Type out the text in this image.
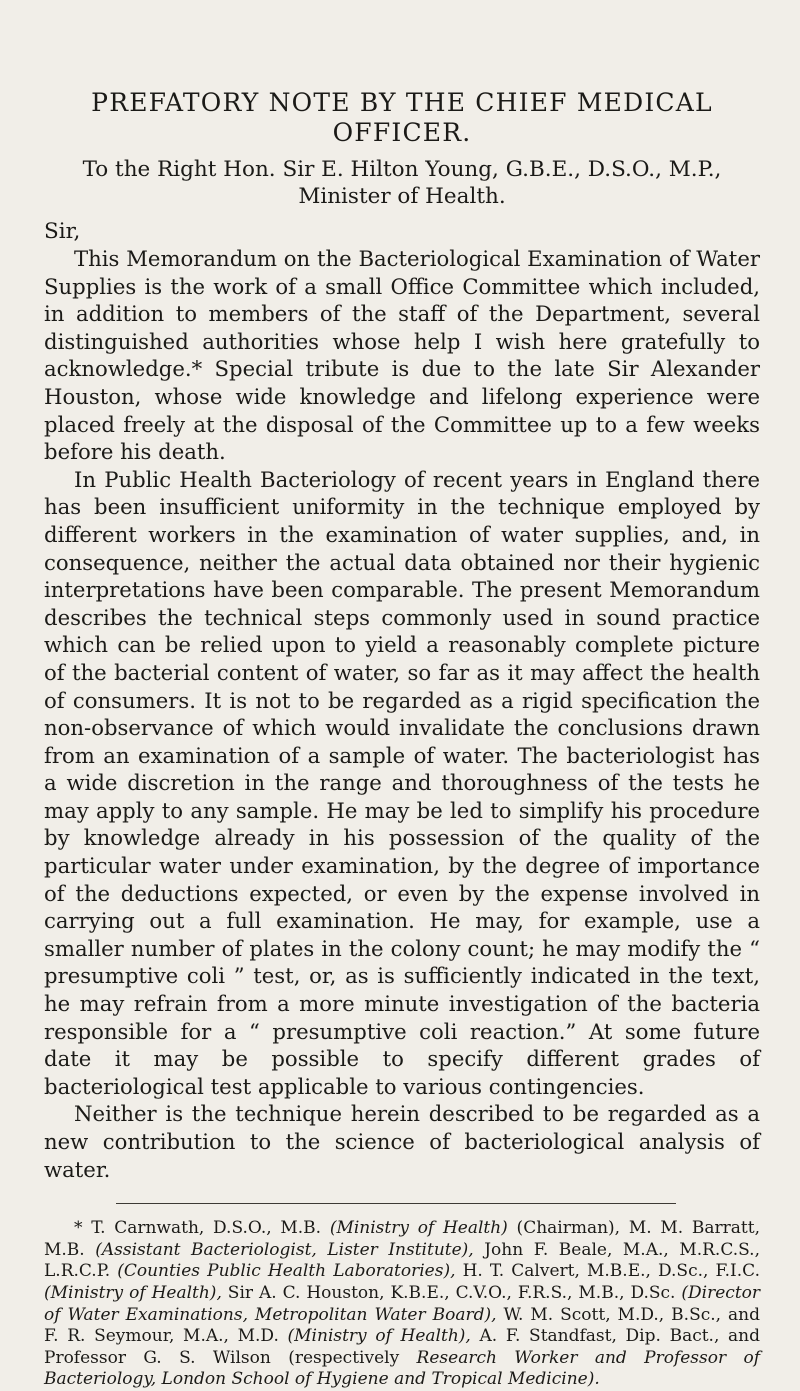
PREFATORY NOTE BY THE CHIEF MEDICAL
OFFICER.

To the Right Hon. Sir E. Hilton Young, G.B.E., D.S.O., M.P.,
Minister of Health.

Sir,

This Memorandum on the Bacteriological Examination of Water Supplies is the work of a small Office Committee which included, in addition to members of the staff of the Department, several distinguished authorities whose help I wish here gratefully to acknowledge.* Special tribute is due to the late Sir Alexander Houston, whose wide knowledge and lifelong experience were placed freely at the disposal of the Committee up to a few weeks before his death.

In Public Health Bacteriology of recent years in England there has been insufficient uniformity in the technique employed by different workers in the examination of water supplies, and, in consequence, neither the actual data obtained nor their hygienic interpretations have been comparable. The present Memorandum describes the technical steps commonly used in sound practice which can be relied upon to yield a reasonably complete picture of the bacterial content of water, so far as it may affect the health of consumers. It is not to be regarded as a rigid specification the non-observance of which would invalidate the conclusions drawn from an examination of a sample of water. The bacteriologist has a wide discretion in the range and thoroughness of the tests he may apply to any sample. He may be led to simplify his procedure by knowledge already in his possession of the quality of the particular water under examination, by the degree of importance of the deductions expected, or even by the expense involved in carrying out a full examination. He may, for example, use a smaller number of plates in the colony count; he may modify the “ presumptive coli ” test, or, as is sufficiently indicated in the text, he may refrain from a more minute investigation of the bacteria responsible for a “ presumptive coli reaction.” At some future date it may be possible to specify different grades of bacteriological test applicable to various contingencies.

Neither is the technique herein described to be regarded as a new contribution to the science of bacteriological analysis of water.

* T. Carnwath, D.S.O., M.B. (Ministry of Health) (Chairman), M. M. Barratt, M.B. (Assistant Bacteriologist, Lister Institute), John F. Beale, M.A., M.R.C.S., L.R.C.P. (Counties Public Health Laboratories), H. T. Calvert, M.B.E., D.Sc., F.I.C. (Ministry of Health), Sir A. C. Houston, K.B.E., C.V.O., F.R.S., M.B., D.Sc. (Director of Water Examinations, Metropolitan Water Board), W. M. Scott, M.D., B.Sc., and F. R. Seymour, M.A., M.D. (Ministry of Health), A. F. Standfast, Dip. Bact., and Professor G. S. Wilson (respectively Research Worker and Professor of Bacteriology, London School of Hygiene and Tropical Medicine).
